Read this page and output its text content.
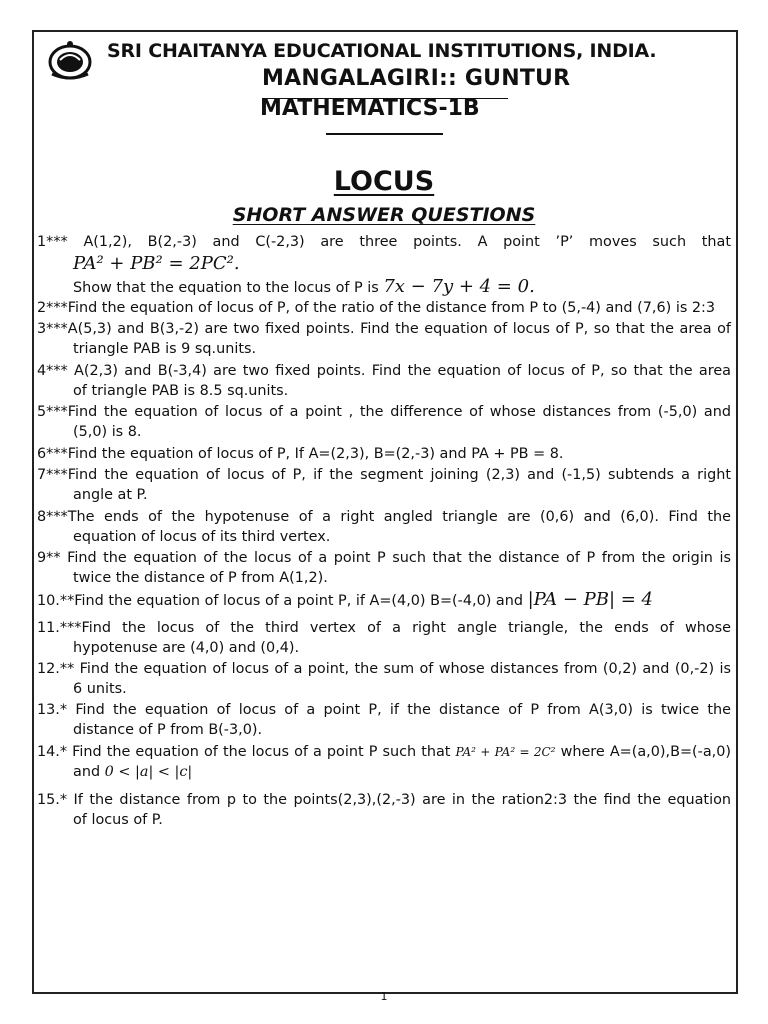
SRI CHAITANYA EDUCATIONAL INSTITUTIONS, INDIA.
MANGALAGIRI:: GUNTUR
MATHEMATICS-1B
LOCUS
SHORT ANSWER QUESTIONS
1*** A(1,2), B(2,-3) and C(-2,3) are three points. A point ’P’ moves such that
PA² + PB² = 2PC².
Show that the equation to the locus of P is 7x − 7y + 4 = 0.
2***Find the equation of locus of P, of the ratio of the distance from P to (5,-4) and (7,6) is 2:3
3***A(5,3) and B(3,-2) are two fixed points. Find the equation of locus of P, so that the area of
triangle PAB is 9 sq.units.
4*** A(2,3) and B(-3,4) are two fixed points. Find the equation of locus of P, so that the area
of triangle PAB is 8.5 sq.units.
5***Find the equation of locus of a point , the difference of whose distances from (-5,0) and
(5,0) is 8.
6***Find the equation of locus of P, If A=(2,3), B=(2,-3) and PA + PB = 8.
7***Find the equation of locus of P, if the segment joining (2,3) and (-1,5) subtends a right
angle at P.
8***The ends of the hypotenuse of a right angled triangle are (0,6) and (6,0). Find the
equation of locus of its third vertex.
9** Find the equation of the locus of a point P such that the distance of P from the origin is
twice the distance of P from A(1,2).
10.**Find the equation of locus of a point P, if A=(4,0) B=(-4,0) and |PA − PB| = 4
11.***Find the locus of the third vertex of a right angle triangle, the ends of whose
hypotenuse are (4,0) and (0,4).
12.** Find the equation of locus of a point, the sum of whose distances from (0,2) and (0,-2) is
6 units.
13.* Find the equation of locus of a point P, if the distance of P from A(3,0) is twice the
distance of P from B(-3,0).
14.* Find the equation of the locus of a point P such that PA² + PA² = 2C² where A=(a,0),B=(-a,0)
and 0 < |a| < |c|
15.* If the distance from p to the points(2,3),(2,-3) are in the ration2:3 the find the equation
of locus of P.
1
